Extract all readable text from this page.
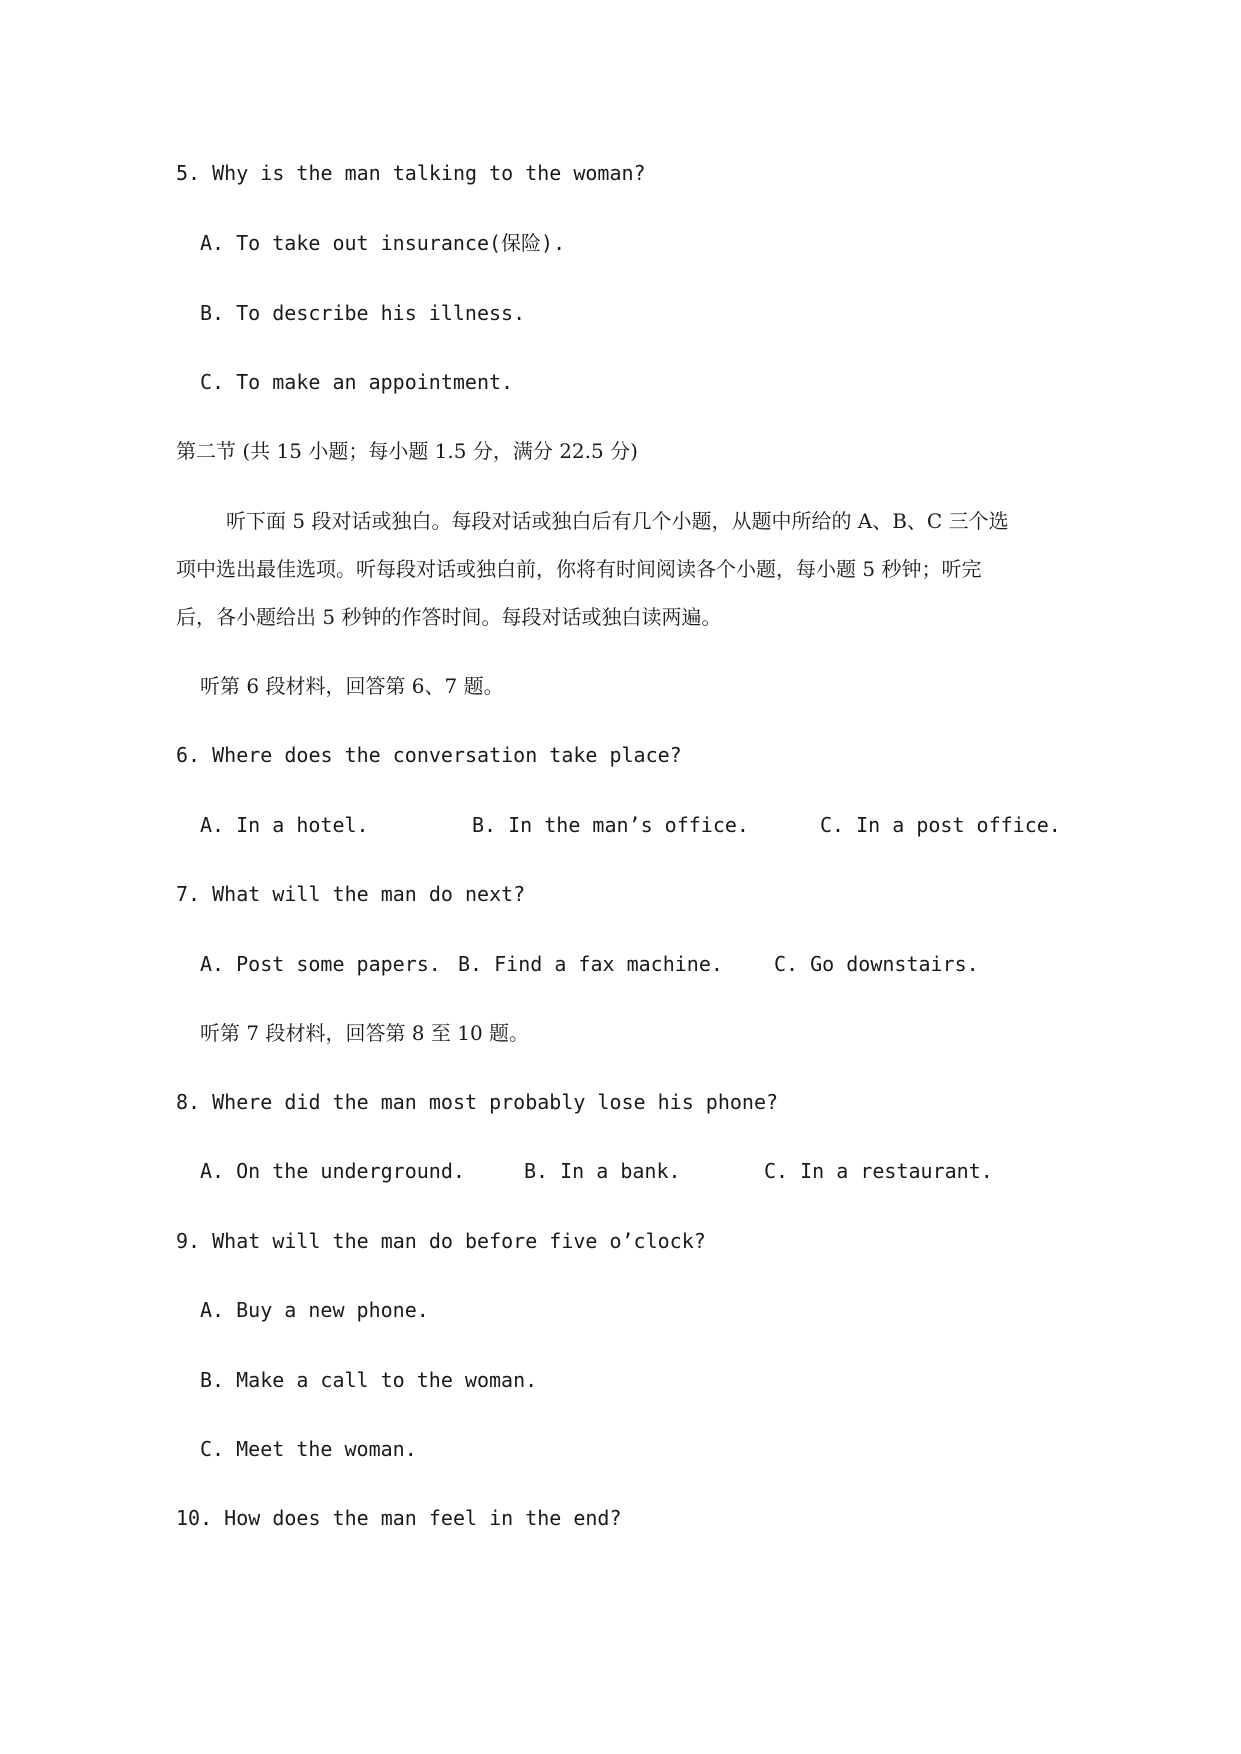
5. Why is the man talking to the woman?
A. To take out insurance(保险).
B. To describe his illness.
C. To make an appointment.
第二节 (共 15 小题；每小题 1.5 分，满分 22.5 分)
听下面 5 段对话或独白。每段对话或独白后有几个小题，从题中所给的 A、B、C 三个选
项中选出最佳选项。听每段对话或独白前，你将有时间阅读各个小题，每小题 5 秒钟；听完
后，各小题给出 5 秒钟的作答时间。每段对话或独白读两遍。
听第 6 段材料，回答第 6、7 题。
6. Where does the conversation take place?
A. In a hotel.	B. In the man’s office.	C. In a post office.
7. What will the man do next?
A. Post some papers. B. Find a fax machine.	C. Go downstairs.
听第 7 段材料，回答第 8 至 10 题。
8. Where did the man most probably lose his phone?
A. On the underground.	B. In a bank.	C. In a restaurant.
9. What will the man do before five o’clock?
A. Buy a new phone.
B. Make a call to the woman.
C. Meet the woman.
10. How does the man feel in the end?
